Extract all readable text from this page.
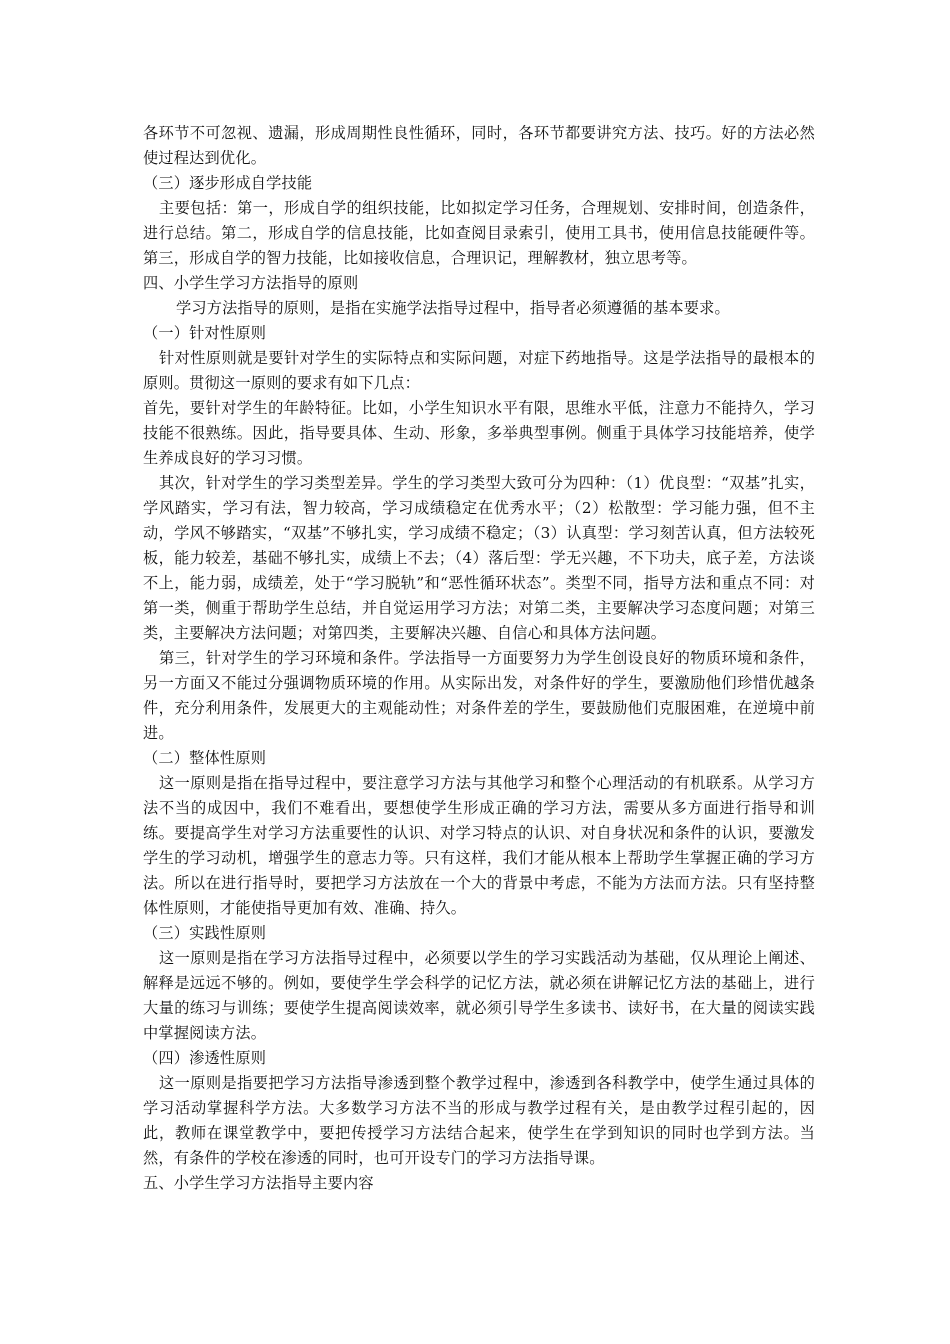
各环节不可忽视、遗漏，形成周期性良性循环，同时，各环节都要讲究方法、技巧。好的方法必然使过程达到优化。

（三）逐步形成自学技能

主要包括：第一，形成自学的组织技能，比如拟定学习任务，合理规划、安排时间，创造条件，进行总结。第二，形成自学的信息技能，比如查阅目录索引，使用工具书，使用信息技能硬件等。第三，形成自学的智力技能，比如接收信息，合理识记，理解教材，独立思考等。

四、小学生学习方法指导的原则

学习方法指导的原则，是指在实施学法指导过程中，指导者必须遵循的基本要求。

（一）针对性原则

针对性原则就是要针对学生的实际特点和实际问题，对症下药地指导。这是学法指导的最根本的原则。贯彻这一原则的要求有如下几点：

首先，要针对学生的年龄特征。比如，小学生知识水平有限，思维水平低，注意力不能持久，学习技能不很熟练。因此，指导要具体、生动、形象，多举典型事例。侧重于具体学习技能培养，使学生养成良好的学习习惯。

其次，针对学生的学习类型差异。学生的学习类型大致可分为四种：（1）优良型：“双基”扎实，学风踏实，学习有法，智力较高，学习成绩稳定在优秀水平；（2）松散型：学习能力强，但不主动，学风不够踏实，“双基”不够扎实，学习成绩不稳定；（3）认真型：学习刻苦认真，但方法较死板，能力较差，基础不够扎实，成绩上不去；（4）落后型：学无兴趣，不下功夫，底子差，方法谈不上，能力弱，成绩差，处于“学习脱轨”和“恶性循环状态”。类型不同，指导方法和重点不同：对第一类，侧重于帮助学生总结，并自觉运用学习方法；对第二类，主要解决学习态度问题；对第三类，主要解决方法问题；对第四类，主要解决兴趣、自信心和具体方法问题。

第三，针对学生的学习环境和条件。学法指导一方面要努力为学生创设良好的物质环境和条件，另一方面又不能过分强调物质环境的作用。从实际出发，对条件好的学生，要激励他们珍惜优越条件，充分利用条件，发展更大的主观能动性；对条件差的学生，要鼓励他们克服困难，在逆境中前进。

（二）整体性原则

这一原则是指在指导过程中，要注意学习方法与其他学习和整个心理活动的有机联系。从学习方法不当的成因中，我们不难看出，要想使学生形成正确的学习方法，需要从多方面进行指导和训练。要提高学生对学习方法重要性的认识、对学习特点的认识、对自身状况和条件的认识，要激发学生的学习动机，增强学生的意志力等。只有这样，我们才能从根本上帮助学生掌握正确的学习方法。所以在进行指导时，要把学习方法放在一个大的背景中考虑，不能为方法而方法。只有坚持整体性原则，才能使指导更加有效、准确、持久。

（三）实践性原则

这一原则是指在学习方法指导过程中，必须要以学生的学习实践活动为基础，仅从理论上阐述、解释是远远不够的。例如，要使学生学会科学的记忆方法，就必须在讲解记忆方法的基础上，进行大量的练习与训练；要使学生提高阅读效率，就必须引导学生多读书、读好书，在大量的阅读实践中掌握阅读方法。

（四）渗透性原则

这一原则是指要把学习方法指导渗透到整个教学过程中，渗透到各科教学中，使学生通过具体的学习活动掌握科学方法。大多数学习方法不当的形成与教学过程有关，是由教学过程引起的，因此，教师在课堂教学中，要把传授学习方法结合起来，使学生在学到知识的同时也学到方法。当然，有条件的学校在渗透的同时，也可开设专门的学习方法指导课。

五、小学生学习方法指导主要内容
